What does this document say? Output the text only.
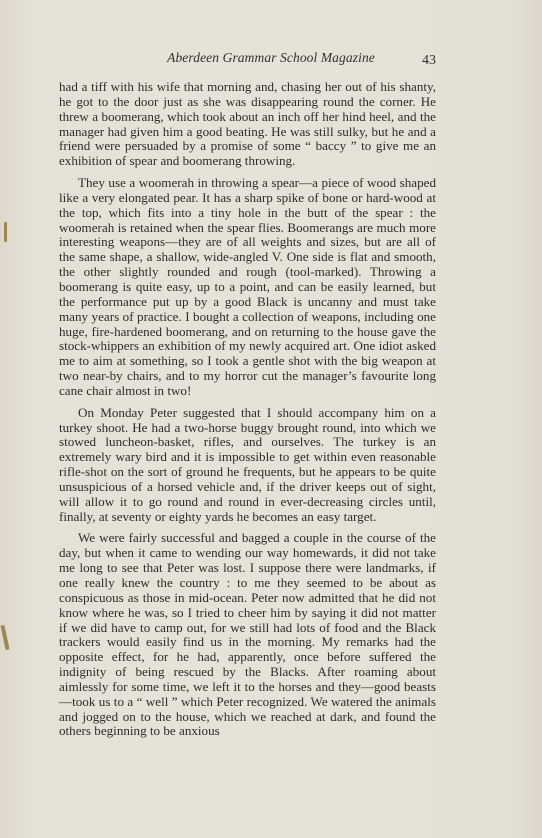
Aberdeen Grammar School Magazine	43

had a tiff with his wife that morning and, chasing her out of his shanty, he got to the door just as she was disappearing round the corner. He threw a boomerang, which took about an inch off her hind heel, and the manager had given him a good beating. He was still sulky, but he and a friend were persuaded by a promise of some “ baccy ” to give me an exhibition of spear and boomerang throwing.

They use a woomerah in throwing a spear—a piece of wood shaped like a very elongated pear. It has a sharp spike of bone or hard-wood at the top, which fits into a tiny hole in the butt of the spear : the woomerah is retained when the spear flies. Boomerangs are much more interesting weapons—they are of all weights and sizes, but are all of the same shape, a shallow, wide-angled V. One side is flat and smooth, the other slightly rounded and rough (tool-marked). Throwing a boomerang is quite easy, up to a point, and can be easily learned, but the performance put up by a good Black is uncanny and must take many years of practice. I bought a collection of weapons, including one huge, fire-hardened boomerang, and on returning to the house gave the stock-whippers an exhibition of my newly acquired art. One idiot asked me to aim at something, so I took a gentle shot with the big weapon at two near-by chairs, and to my horror cut the manager’s favourite long cane chair almost in two!

On Monday Peter suggested that I should accompany him on a turkey shoot. He had a two-horse buggy brought round, into which we stowed luncheon-basket, rifles, and ourselves. The turkey is an extremely wary bird and it is impossible to get within even reasonable rifle-shot on the sort of ground he frequents, but he appears to be quite unsuspicious of a horsed vehicle and, if the driver keeps out of sight, will allow it to go round and round in ever-decreasing circles until, finally, at seventy or eighty yards he becomes an easy target.

We were fairly successful and bagged a couple in the course of the day, but when it came to wending our way homewards, it did not take me long to see that Peter was lost. I suppose there were landmarks, if one really knew the country : to me they seemed to be about as conspicuous as those in mid-ocean. Peter now admitted that he did not know where he was, so I tried to cheer him by saying it did not matter if we did have to camp out, for we still had lots of food and the Black trackers would easily find us in the morning. My remarks had the opposite effect, for he had, apparently, once before suffered the indignity of being rescued by the Blacks. After roaming about aimlessly for some time, we left it to the horses and they—good beasts—took us to a “ well ” which Peter recognized. We watered the animals and jogged on to the house, which we reached at dark, and found the others beginning to be anxious
